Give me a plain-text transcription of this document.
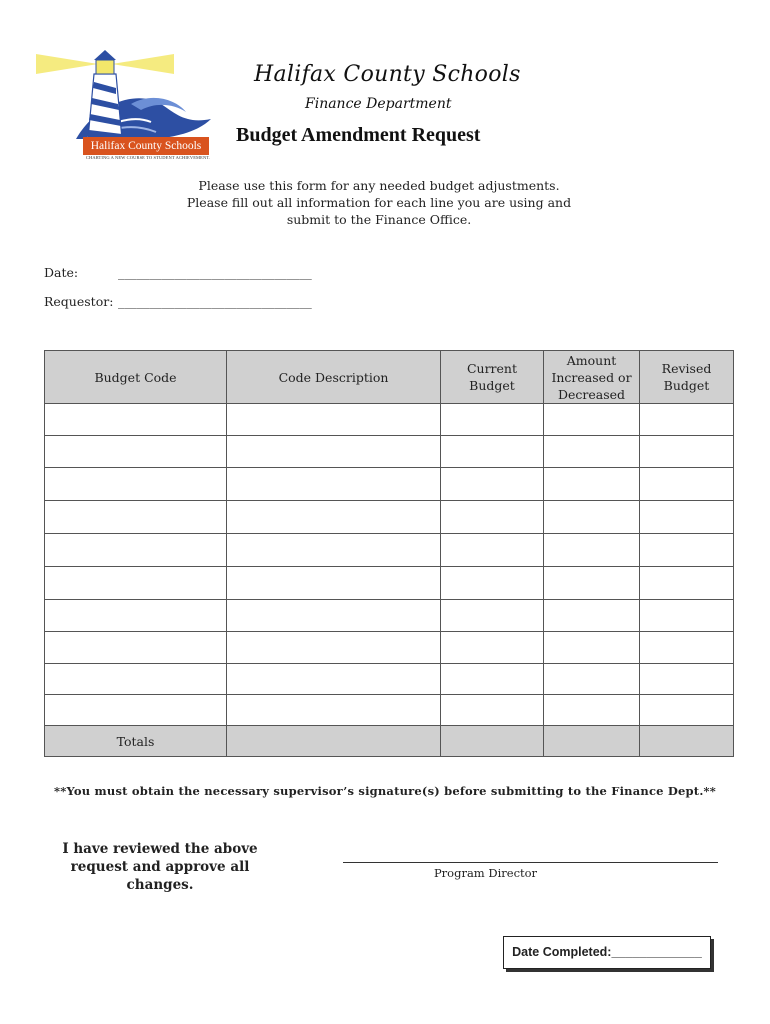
Halifax County Schools
CHARTING A NEW COURSE TO STUDENT ACHIEVEMENT.
Halifax County Schools
Finance Department
Budget Amendment Request
Please use this form for any needed budget adjustments.
Please fill out all information for each line you are using and
submit to the Finance Office.
Date:	_______________________________
Requestor: _______________________________
Budget Code	Code Description	Current Budget	Amount Increased or Decreased	Revised Budget

Totals				
**You must obtain the necessary supervisor’s signature(s) before submitting to the Finance Dept.**
I have reviewed the above request and approve all changes.
Program Director
Date Completed:_____________
